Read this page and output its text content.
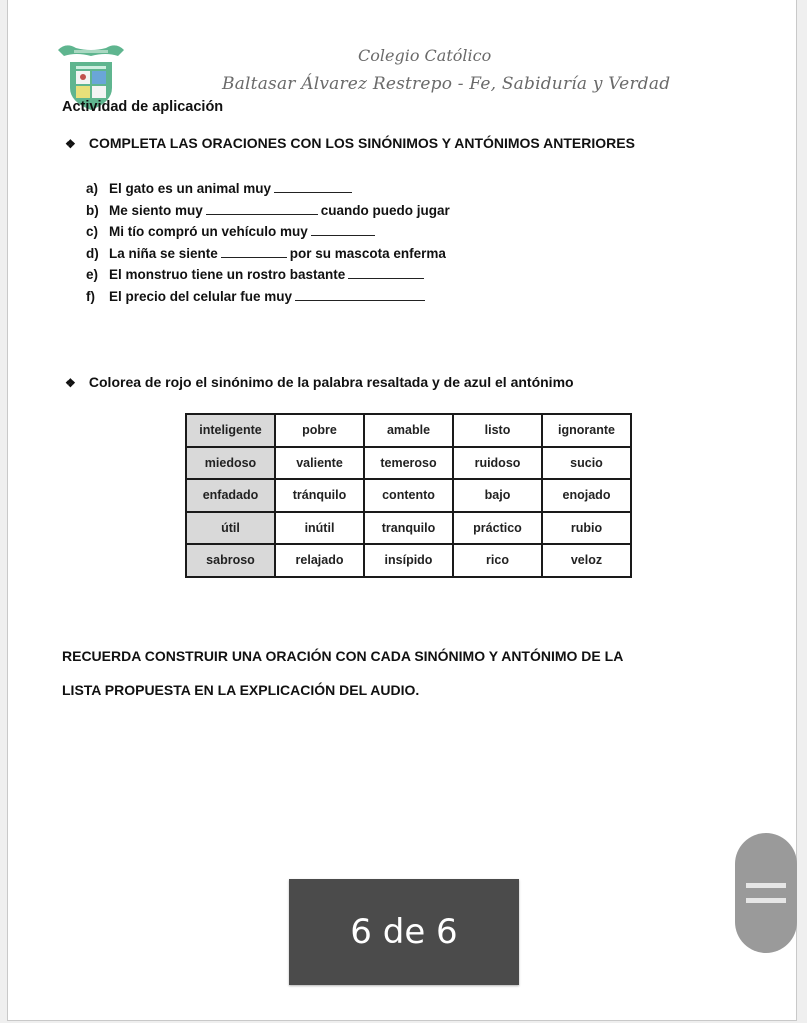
Colegio Católico
Baltasar Álvarez Restrepo - Fe, Sabiduría y Verdad
Actividad de aplicación
❖ COMPLETA LAS ORACIONES CON LOS SINÓNIMOS Y ANTÓNIMOS ANTERIORES
a) El gato es un animal muy
b) Me siento muy	cuando puedo jugar
c) Mi tío compró un vehículo muy
d) La niña se siente	por su mascota enferma
e) El monstruo tiene un rostro bastante
f) El precio del celular fue muy
❖ Colorea de rojo el sinónimo de la palabra resaltada y de azul el antónimo
inteligente	pobre	amable	listo	ignorante
miedoso	valiente	temeroso	ruidoso	sucio
enfadado	tránquilo	contento	bajo	enojado
útil	inútil	tranquilo	práctico	rubio
sabroso	relajado	insípido	rico	veloz
RECUERDA CONSTRUIR UNA ORACIÓN CON CADA SINÓNIMO Y ANTÓNIMO DE LA
LISTA PROPUESTA EN LA EXPLICACIÓN DEL AUDIO.
6 de 6
